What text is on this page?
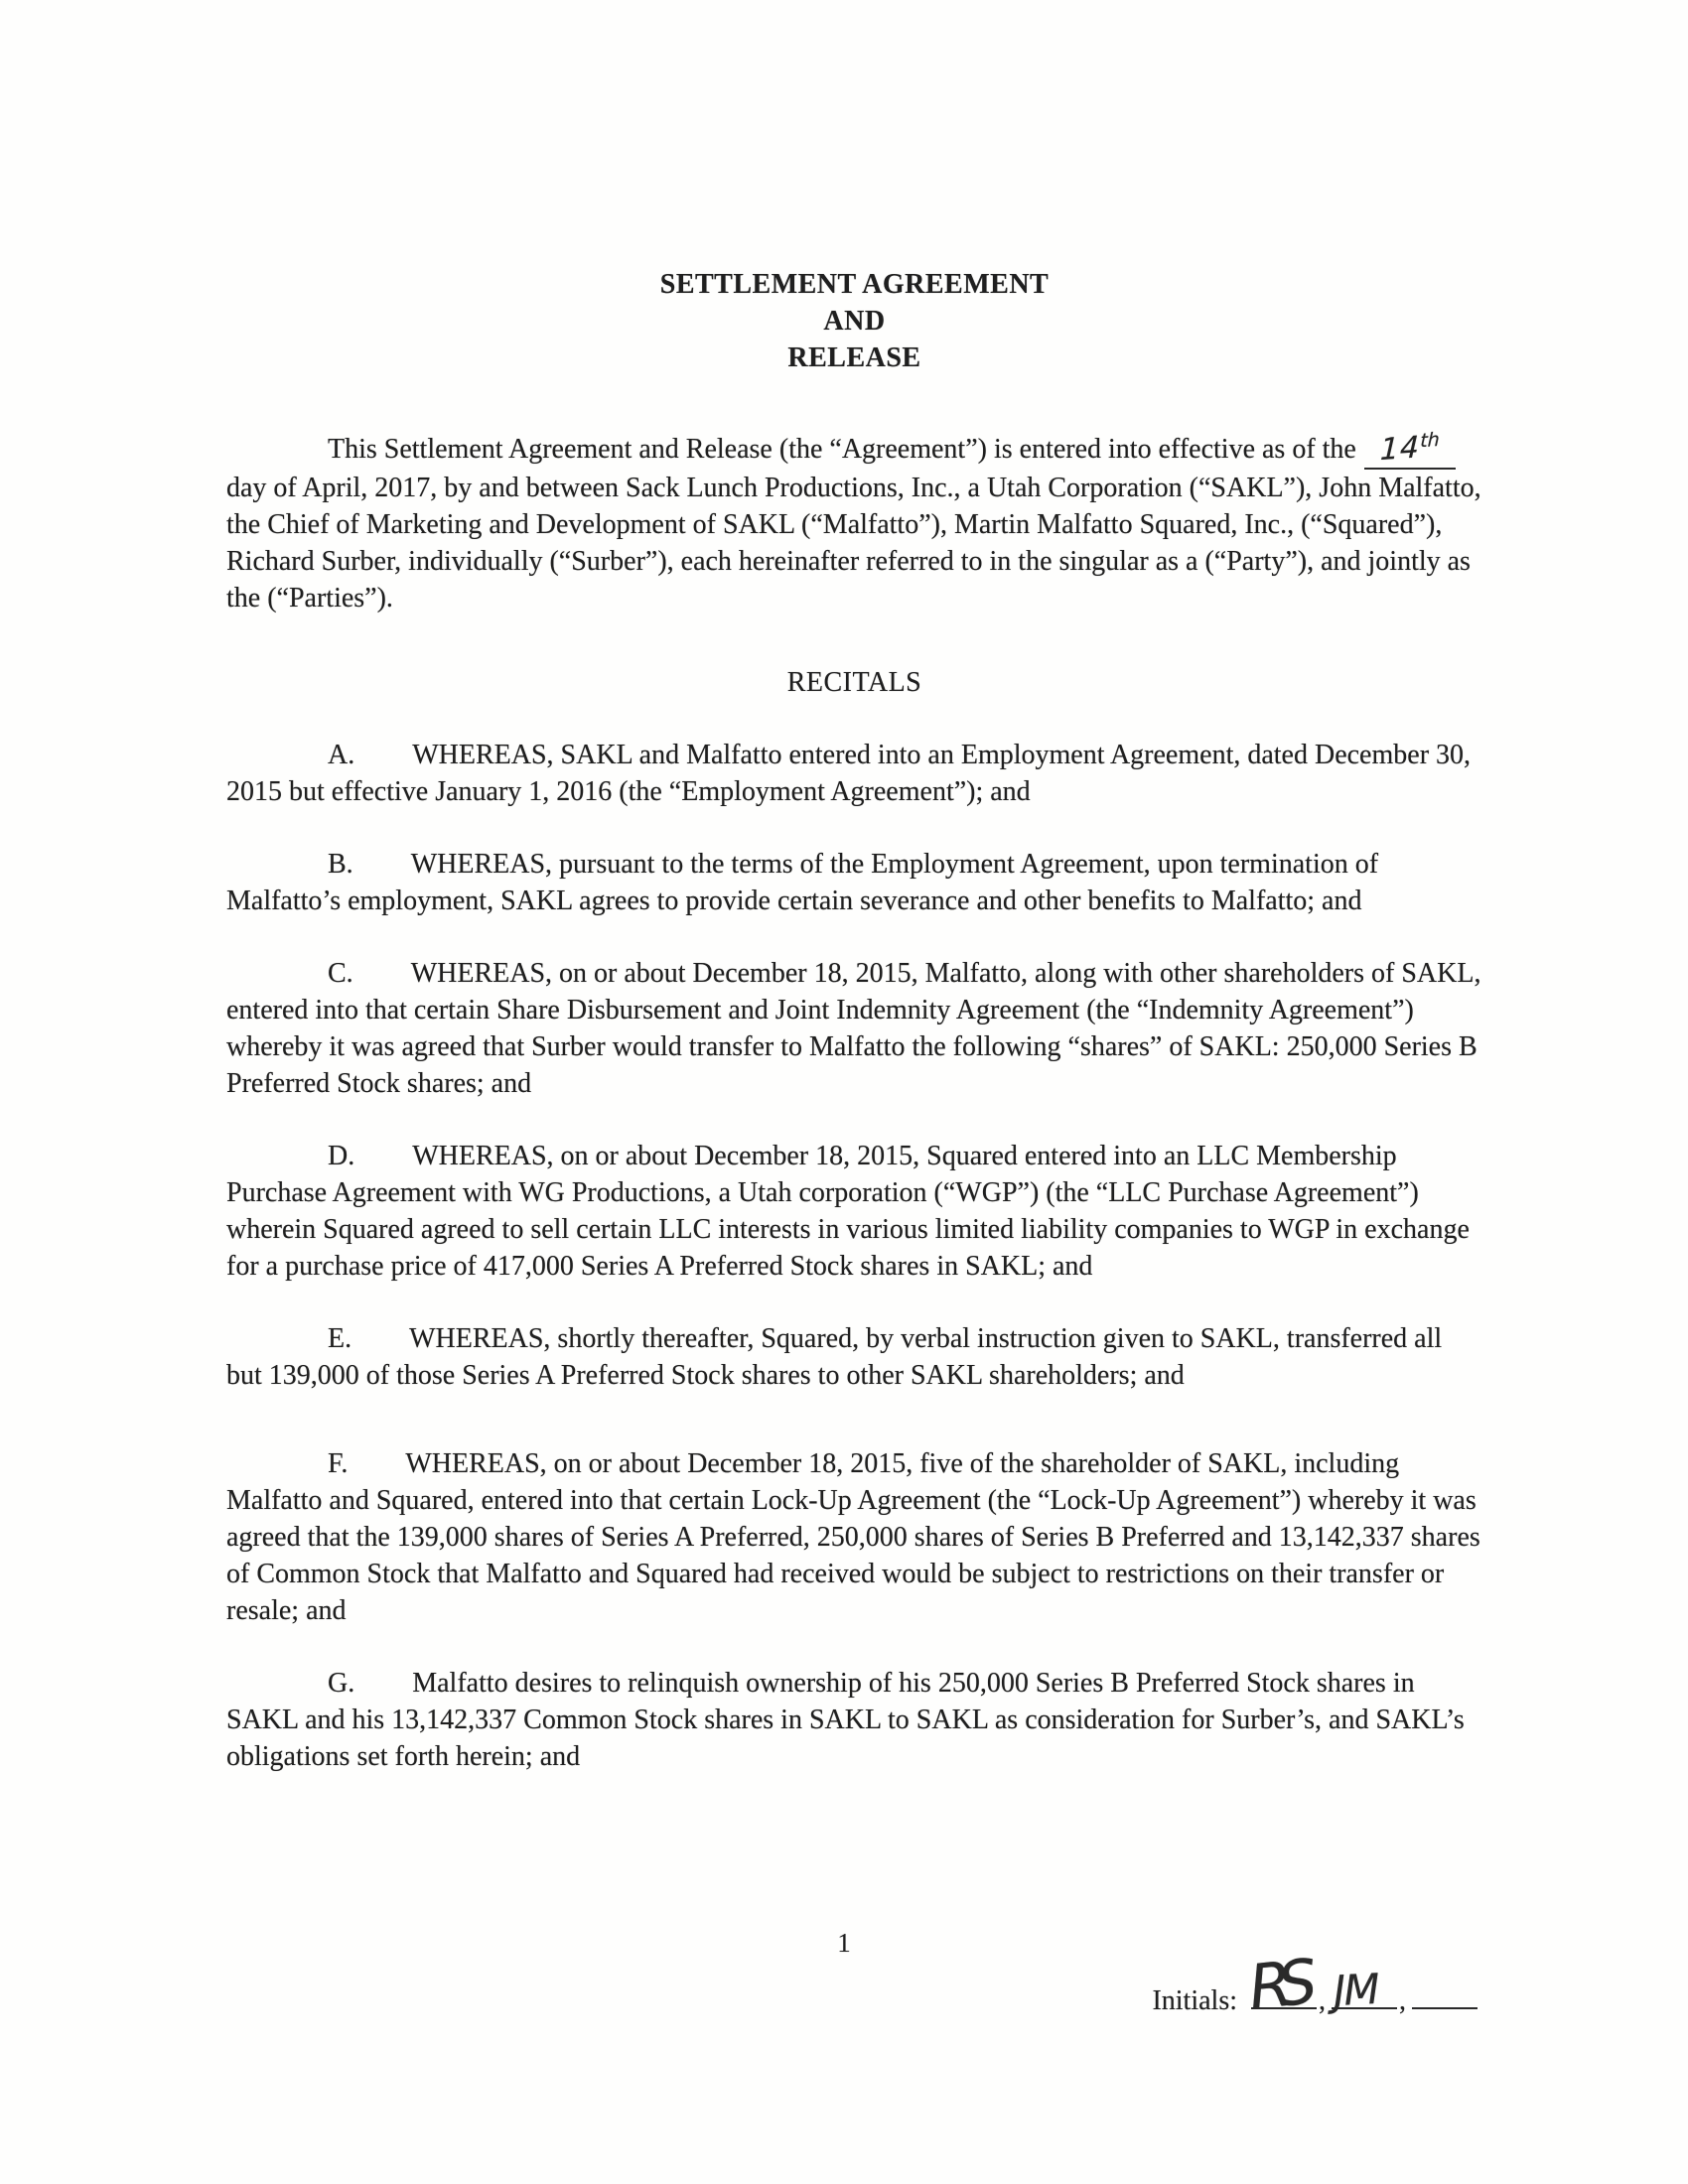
SETTLEMENT AGREEMENT
AND
RELEASE

This Settlement Agreement and Release (the “Agreement”) is entered into effective as of the 14thday of April, 2017, by and between Sack Lunch Productions, Inc., a Utah Corporation (“SAKL”), John Malfatto, the Chief of Marketing and Development of SAKL (“Malfatto”), Martin Malfatto Squared, Inc., (“Squared”), Richard Surber, individually (“Surber”), each hereinafter referred to in the singular as a (“Party”), and jointly as the (“Parties”).

RECITALS

A. WHEREAS, SAKL and Malfatto entered into an Employment Agreement, dated December 30, 2015 but effective January 1, 2016 (the “Employment Agreement”); and

B. WHEREAS, pursuant to the terms of the Employment Agreement, upon termination of Malfatto’s employment, SAKL agrees to provide certain severance and other benefits to Malfatto; and

C. WHEREAS, on or about December 18, 2015, Malfatto, along with other shareholders of SAKL, entered into that certain Share Disbursement and Joint Indemnity Agreement (the “Indemnity Agreement”) whereby it was agreed that Surber would transfer to Malfatto the following “shares” of SAKL: 250,000 Series B Preferred Stock shares; and

D. WHEREAS, on or about December 18, 2015, Squared entered into an LLC Membership Purchase Agreement with WG Productions, a Utah corporation (“WGP”) (the “LLC Purchase Agreement”) wherein Squared agreed to sell certain LLC interests in various limited liability companies to WGP in exchange for a purchase price of 417,000 Series A Preferred Stock shares in SAKL; and

E. WHEREAS, shortly thereafter, Squared, by verbal instruction given to SAKL, transferred all but 139,000 of those Series A Preferred Stock shares to other SAKL shareholders; and

F. WHEREAS, on or about December 18, 2015, five of the shareholder of SAKL, including Malfatto and Squared, entered into that certain Lock-Up Agreement (the “Lock-Up Agreement”) whereby it was agreed that the 139,000 shares of Series A Preferred, 250,000 shares of Series B Preferred and 13,142,337 shares of Common Stock that Malfatto and Squared had received would be subject to restrictions on their transfer or resale; and

G. Malfatto desires to relinquish ownership of his 250,000 Series B Preferred Stock shares in SAKL and his 13,142,337 Common Stock shares in SAKL to SAKL as consideration for Surber’s, and SAKL’s obligations set forth herein; and

1
Initials: RS , JM ,
